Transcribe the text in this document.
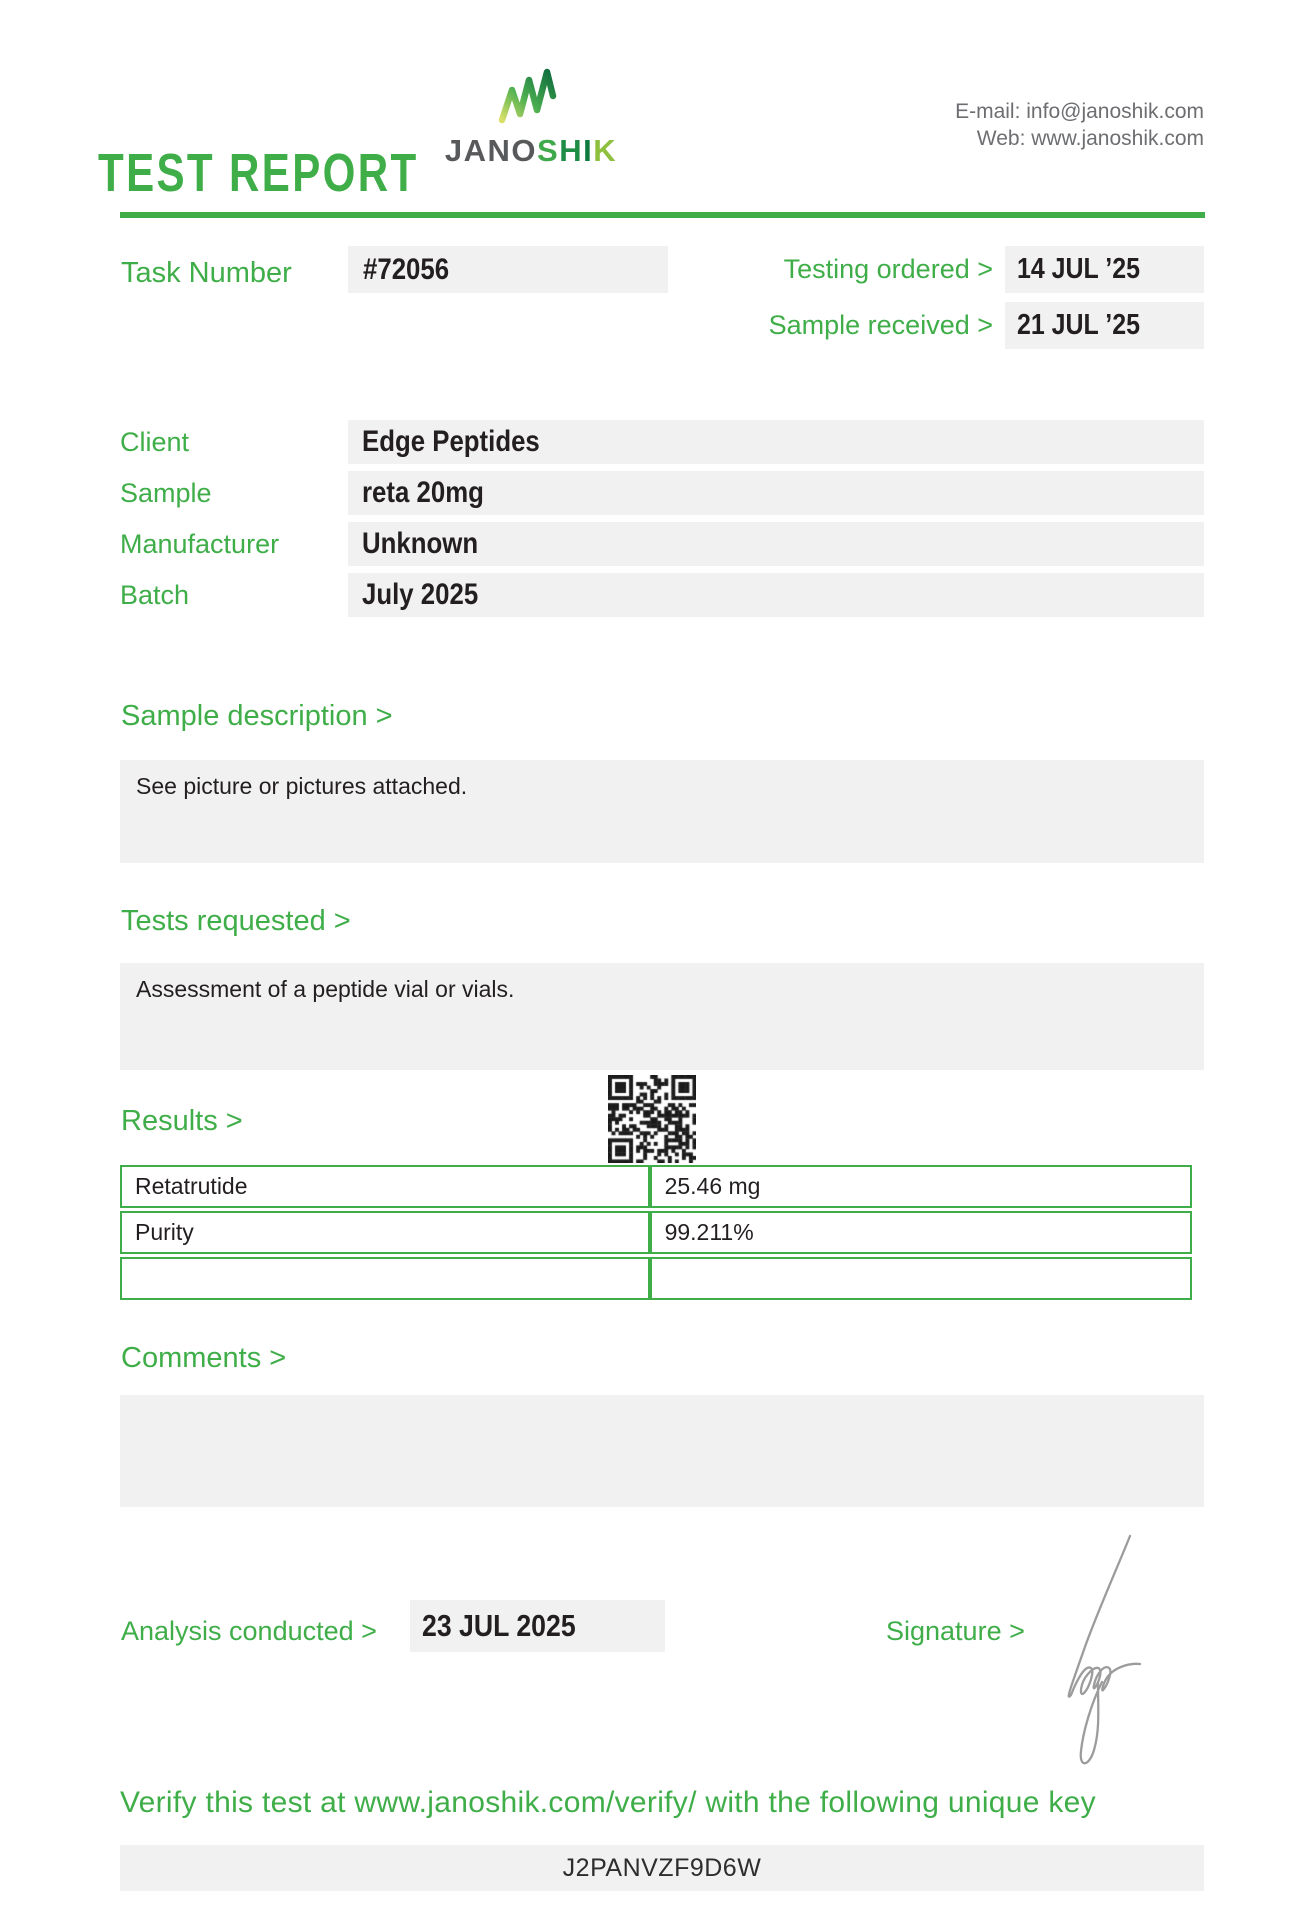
TEST REPORT JANOSHIK
E-mail: info@janoshik.com
Web: www.janoshik.com
Task Number	#72056	Testing ordered > 14 JUL ’25
Sample received > 21 JUL ’25
Client	Edge Peptides
Sample	reta 20mg
Manufacturer	Unknown
Batch	July 2025
Sample description >
See picture or pictures attached.
Tests requested >
Assessment of a peptide vial or vials.
Results >
Retatrutide	25.46 mg
Purity	99.211%

Comments >
Analysis conducted >	23 JUL 2025	Signature >
Verify this test at www.janoshik.com/verify/ with the following unique key
J2PANVZF9D6W
